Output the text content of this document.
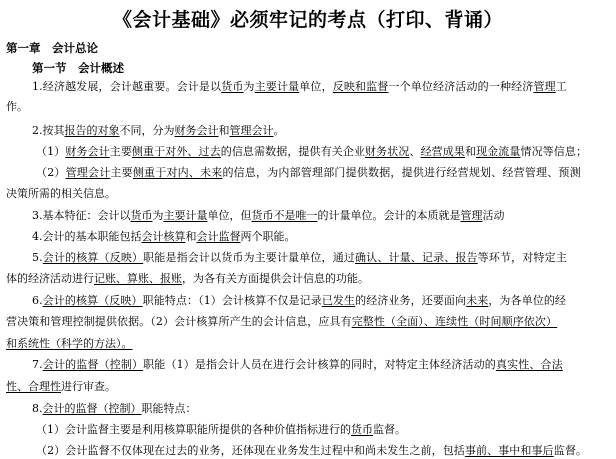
《会计基础》必须牢记的考点（打印、背诵）
第一章　会计总论
第一节　会计概述
1.经济越发展，会计越重要。会计是以货币为主要计量单位，反映和监督一个单位经济活动的一种经济管理工
作。
2.按其报告的对象不同，分为财务会计和管理会计。
（1）财务会计主要侧重于对外、过去的信息需数据，提供有关企业财务状况、经营成果和现金流量情况等信息；
（2）管理会计主要侧重于对内、未来的信息，为内部管理部门提供数据，提供进行经营规划、经营管理、预测
决策所需的相关信息。
3.基本特征：会计以货币为主要计量单位，但货币不是唯一的计量单位。会计的本质就是管理活动
4.会计的基本职能包括会计核算和会计监督两个职能。
5.会计的核算（反映）职能是指会计以货币为主要计量单位，通过确认、计量、记录、报告等环节，对特定主
体的经济活动进行记账、算账、报账，为各有关方面提供会计信息的功能。
6.会计的核算（反映）职能特点：（1）会计核算不仅是记录已发生的经济业务，还要面向未来，为各单位的经
营决策和管理控制提供依据。（2）会计核算所产生的会计信息，应具有完整性（全面）、连续性（时间顺序依次）
和系统性（科学的方法）。
7.会计的监督（控制）职能（1）是指会计人员在进行会计核算的同时，对特定主体经济活动的真实性、合法
性、合理性进行审查。
8.会计的监督（控制）职能特点：
（1）会计监督主要是利用核算职能所提供的各种价值指标进行的货币监督。
（2）会计监督不仅体现在过去的业务，还体现在业务发生过程中和尚未发生之前，包括事前、事中和事后监督。
